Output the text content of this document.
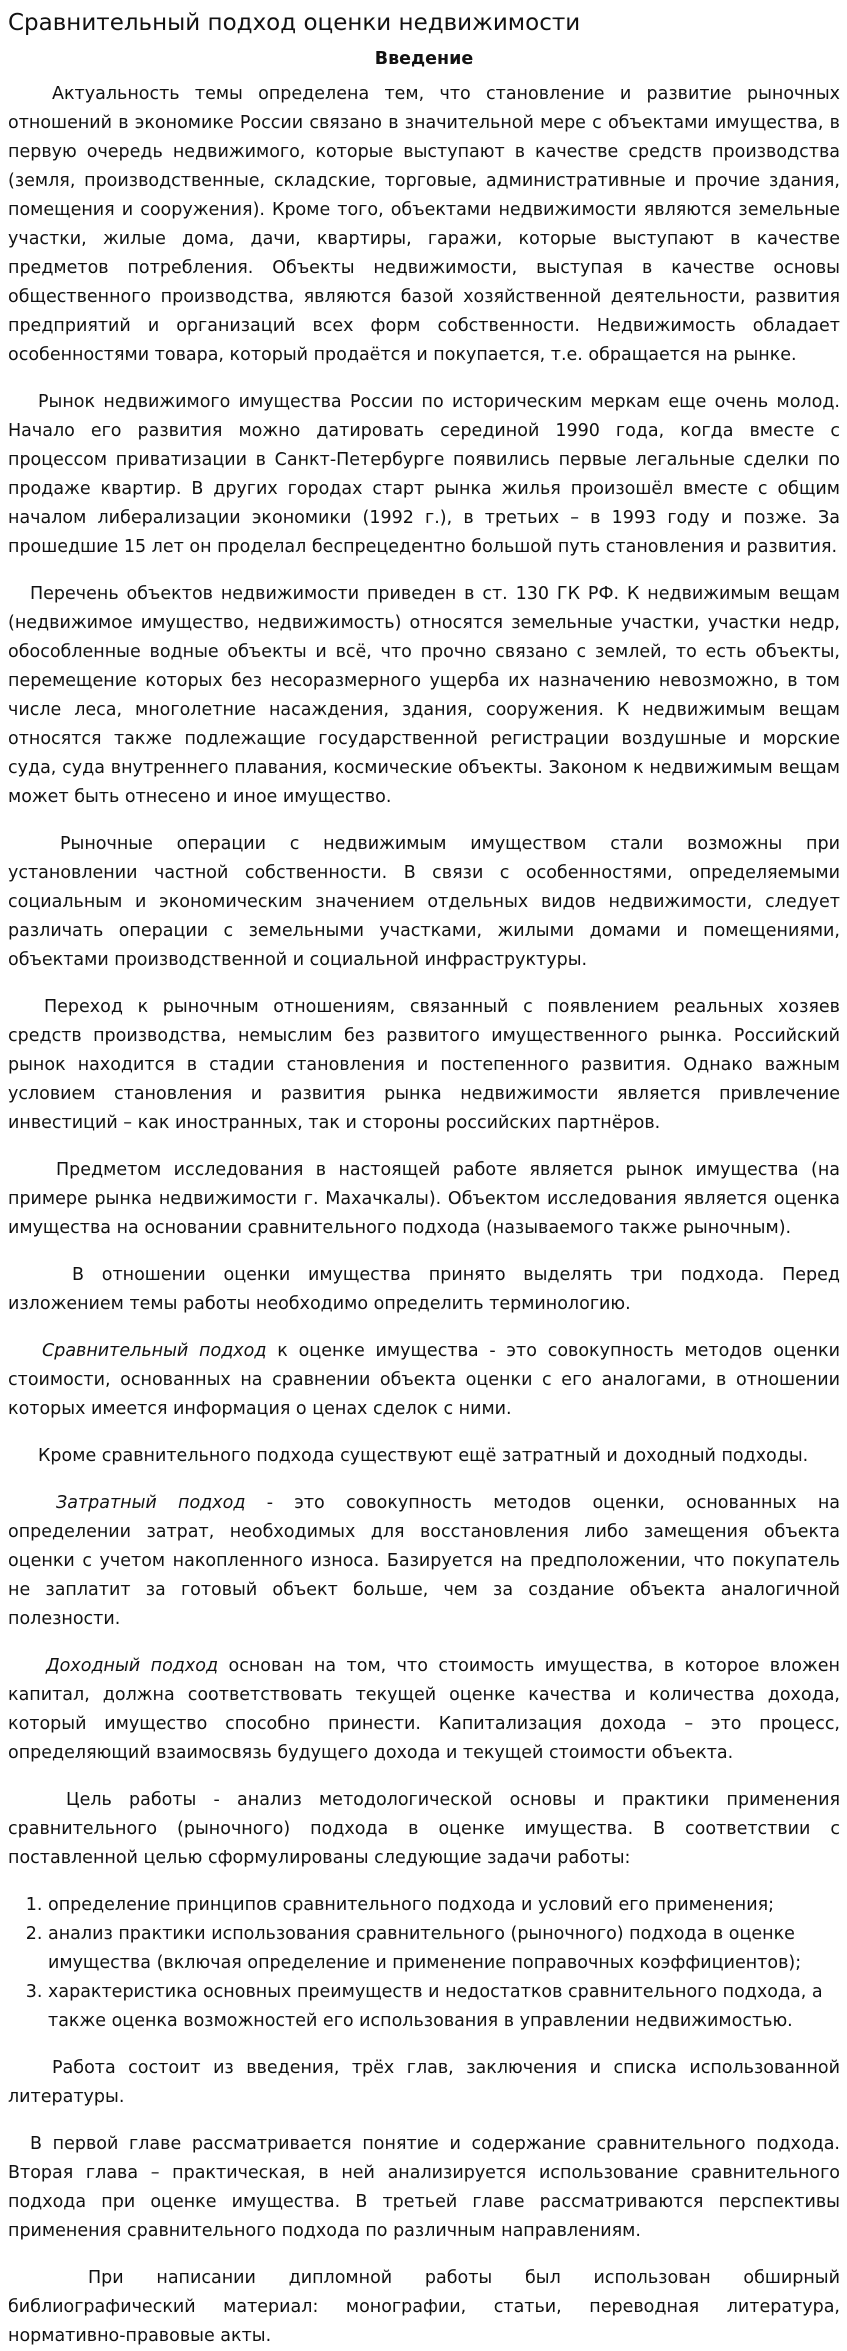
Сравнительный подход оценки недвижимости
Введение

Актуальность темы определена тем, что становление и развитие рыночных отношений в экономике России связано в значительной мере с объектами имущества, в первую очередь недвижимого, которые выступают в качестве средств производства (земля, производственные, складские, торговые, административные и прочие здания, помещения и сооружения). Кроме того, объектами недвижимости являются земельные участки, жилые дома, дачи, квартиры, гаражи, которые выступают в качестве предметов потребления. Объекты недвижимости, выступая в качестве основы общественного производства, являются базой хозяйственной деятельности, развития предприятий и организаций всех форм собственности. Недвижимость обладает особенностями товара, который продаётся и покупается, т.е. обращается на рынке.

Рынок недвижимого имущества России по историческим меркам еще очень молод. Начало его развития можно датировать серединой 1990 года, когда вместе с процессом приватизации в Санкт-Петербурге появились первые легальные сделки по продаже квартир. В других городах старт рынка жилья произошёл вместе с общим началом либерализации экономики (1992 г.), в третьих – в 1993 году и позже. За прошедшие 15 лет он проделал беспрецедентно большой путь становления и развития.

Перечень объектов недвижимости приведен в ст. 130 ГК РФ. К недвижимым вещам (недвижимое имущество, недвижимость) относятся земельные участки, участки недр, обособленные водные объекты и всё, что прочно связано с землей, то есть объекты, перемещение которых без несоразмерного ущерба их назначению невозможно, в том числе леса, многолетние насаждения, здания, сооружения. К недвижимым вещам относятся также подлежащие государственной регистрации воздушные и морские суда, суда внутреннего плавания, космические объекты. Законом к недвижимым вещам может быть отнесено и иное имущество.

Рыночные операции с недвижимым имуществом стали возможны при установлении частной собственности. В связи с особенностями, определяемыми социальным и экономическим значением отдельных видов недвижимости, следует различать операции с земельными участками, жилыми домами и помещениями, объектами производственной и социальной инфраструктуры.

Переход к рыночным отношениям, связанный с появлением реальных хозяев средств производства, немыслим без развитого имущественного рынка. Российский рынок находится в стадии становления и постепенного развития. Однако важным условием становления и развития рынка недвижимости является привлечение инвестиций – как иностранных, так и стороны российских партнёров.

Предметом исследования в настоящей работе является рынок имущества (на примере рынка недвижимости г. Махачкалы). Объектом исследования является оценка имущества на основании сравнительного подхода (называемого также рыночным).

В отношении оценки имущества принято выделять три подхода. Перед изложением темы работы необходимо определить терминологию.

Сравнительный подход к оценке имущества - это совокупность методов оценки стоимости, основанных на сравнении объекта оценки с его аналогами, в отношении которых имеется информация о ценах сделок с ними.

Кроме сравнительного подхода существуют ещё затратный и доходный подходы.

Затратный подход - это совокупность методов оценки, основанных на определении затрат, необходимых для восстановления либо замещения объекта оценки с учетом накопленного износа. Базируется на предположении, что покупатель не заплатит за готовый объект больше, чем за создание объекта аналогичной полезности.

Доходный подход основан на том, что стоимость имущества, в которое вложен капитал, должна соответствовать текущей оценке качества и количества дохода, который имущество способно принести. Капитализация дохода – это процесс, определяющий взаимосвязь будущего дохода и текущей стоимости объекта.

Цель работы - анализ методологической основы и практики применения сравнительного (рыночного) подхода в оценке имущества. В соответствии с поставленной целью сформулированы следующие задачи работы:

1. определение принципов сравнительного подхода и условий его применения;
2. анализ практики использования сравнительного (рыночного) подхода в оценке имущества (включая определение и применение поправочных коэффициентов);
3. характеристика основных преимуществ и недостатков сравнительного подхода, а также оценка возможностей его использования в управлении недвижимостью.

Работа состоит из введения, трёх глав, заключения и списка использованной литературы.

В первой главе рассматривается понятие и содержание сравнительного подхода. Вторая глава – практическая, в ней анализируется использование сравнительного подхода при оценке имущества. В третьей главе рассматриваются перспективы применения сравнительного подхода по различным направлениям.

При написании дипломной работы был использован обширный библиографический материал: монографии, статьи, переводная литература, нормативно-правовые акты.
